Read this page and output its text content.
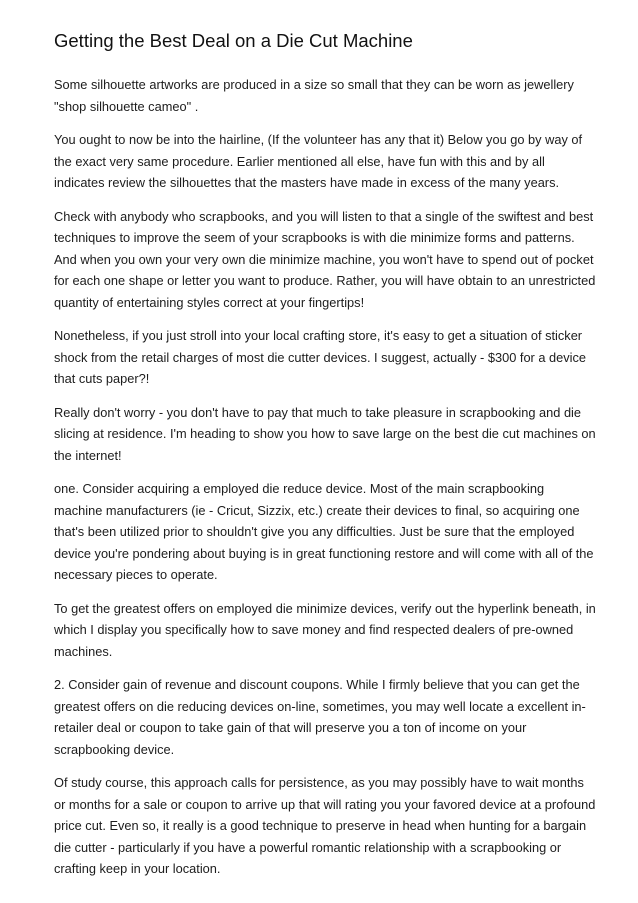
Getting the Best Deal on a Die Cut Machine

Some silhouette artworks are produced in a size so small that they can be worn as jewellery "shop silhouette cameo" .

You ought to now be into the hairline, (If the volunteer has any that it) Below you go by way of the exact very same procedure. Earlier mentioned all else, have fun with this and by all indicates review the silhouettes that the masters have made in excess of the many years.

Check with anybody who scrapbooks, and you will listen to that a single of the swiftest and best techniques to improve the seem of your scrapbooks is with die minimize forms and patterns. And when you own your very own die minimize machine, you won't have to spend out of pocket for each one shape or letter you want to produce. Rather, you will have obtain to an unrestricted quantity of entertaining styles correct at your fingertips!

Nonetheless, if you just stroll into your local crafting store, it's easy to get a situation of sticker shock from the retail charges of most die cutter devices. I suggest, actually - $300 for a device that cuts paper?!

Really don't worry - you don't have to pay that much to take pleasure in scrapbooking and die slicing at residence. I'm heading to show you how to save large on the best die cut machines on the internet!

one. Consider acquiring a employed die reduce device. Most of the main scrapbooking machine manufacturers (ie - Cricut, Sizzix, etc.) create their devices to final, so acquiring one that's been utilized prior to shouldn't give you any difficulties. Just be sure that the employed device you're pondering about buying is in great functioning restore and will come with all of the necessary pieces to operate.

To get the greatest offers on employed die minimize devices, verify out the hyperlink beneath, in which I display you specifically how to save money and find respected dealers of pre-owned machines.

2. Consider gain of revenue and discount coupons. While I firmly believe that you can get the greatest offers on die reducing devices on-line, sometimes, you may well locate a excellent in-retailer deal or coupon to take gain of that will preserve you a ton of income on your scrapbooking device.

Of study course, this approach calls for persistence, as you may possibly have to wait months or months for a sale or coupon to arrive up that will rating you your favored device at a profound price cut. Even so, it really is a good technique to preserve in head when hunting for a bargain die cutter - particularly if you have a powerful romantic relationship with a scrapbooking or crafting keep in your location.
